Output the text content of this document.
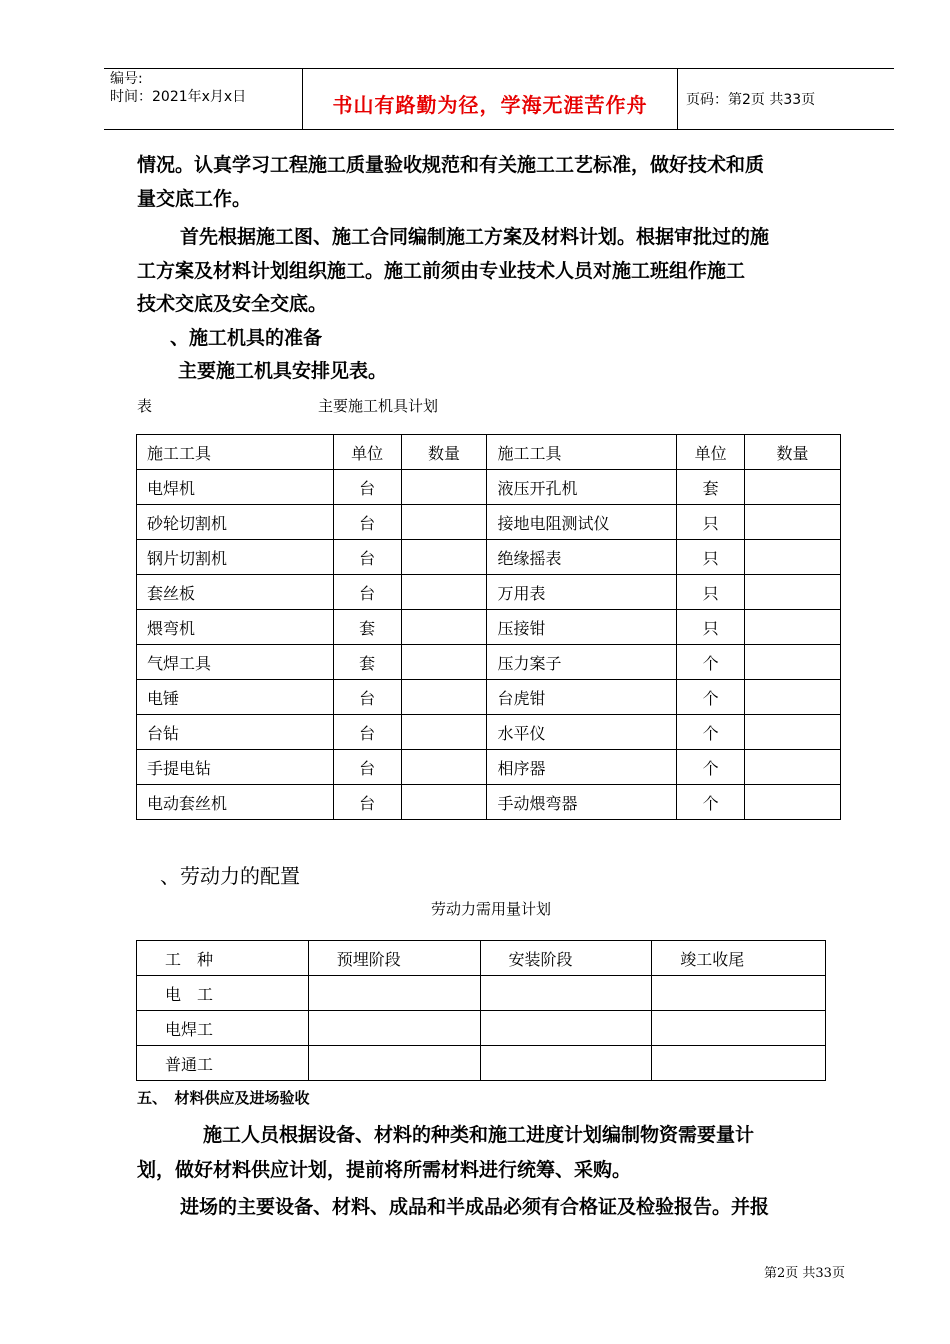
编号:
时间：2021年x月x日	书山有路勤为径，学海无涯苦作舟	页码：第2页 共33页
情况。认真学习工程施工质量验收规范和有关施工工艺标准，做好技术和质
量交底工作。
首先根据施工图、施工合同编制施工方案及材料计划。根据审批过的施
工方案及材料计划组织施工。施工前须由专业技术人员对施工班组作施工
技术交底及安全交底。
、施工机具的准备
主要施工机具安排见表。
表	主要施工机具计划
施工工具	单位	数量	施工工具	单位	数量
电焊机	台		液压开孔机	套	
砂轮切割机	台		接地电阻测试仪	只	
钢片切割机	台		绝缘摇表	只	
套丝板	台		万用表	只	
煨弯机	套		压接钳	只	
气焊工具	套		压力案子	个	
电锤	台		台虎钳	个	
台钻	台		水平仪	个	
手提电钻	台		相序器	个	
电动套丝机	台		手动煨弯器	个	
、劳动力的配置
劳动力需用量计划
工　种	预埋阶段	安装阶段	竣工收尾
电　工			
电焊工			
普通工			
五、　材料供应及进场验收
施工人员根据设备、材料的种类和施工进度计划编制物资需要量计
划，做好材料供应计划，提前将所需材料进行统筹、采购。
进场的主要设备、材料、成品和半成品必须有合格证及检验报告。并报
第2页 共33页
